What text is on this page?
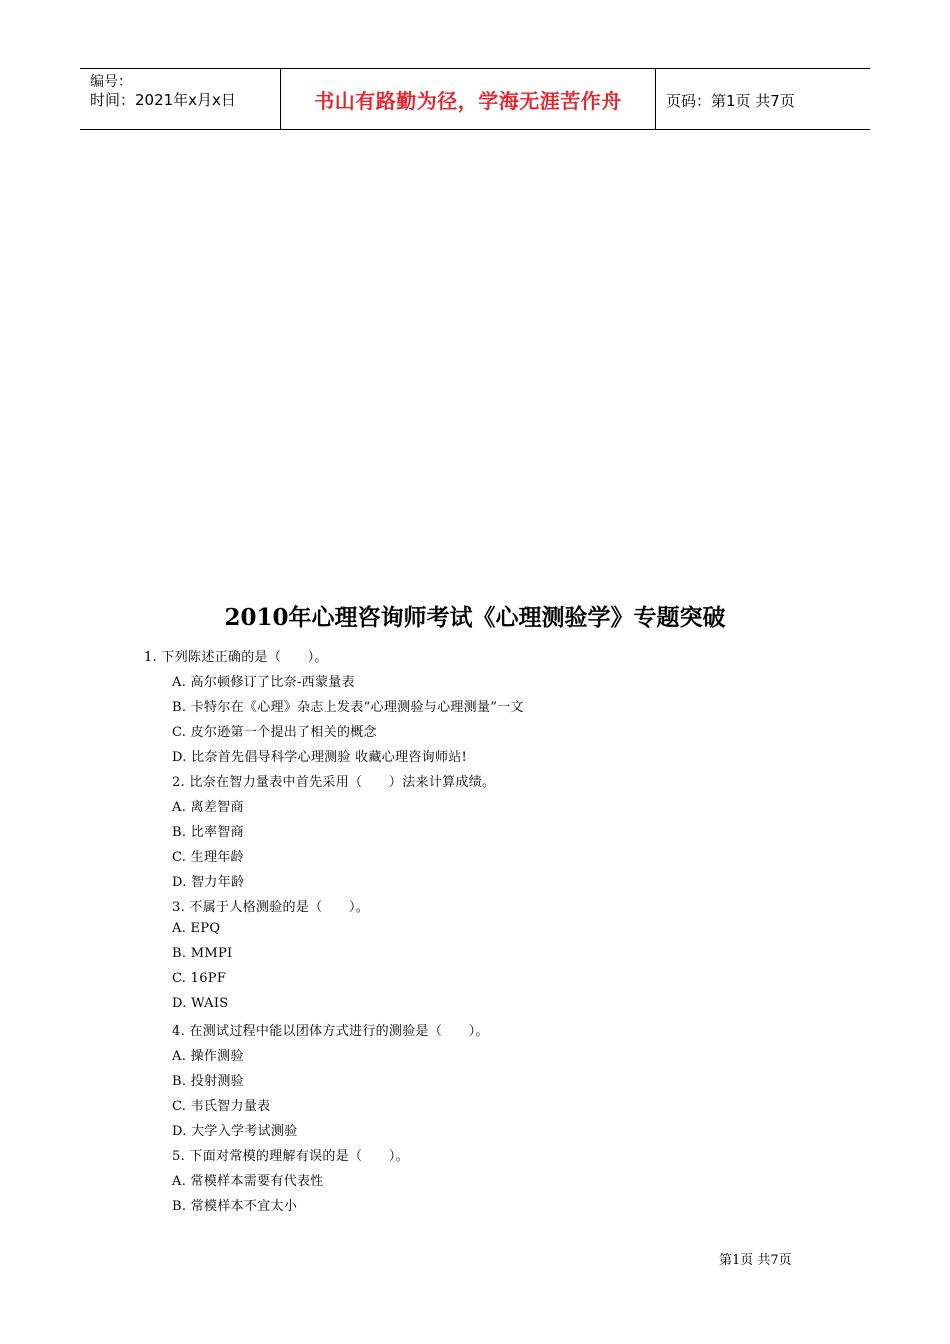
编号：
时间：2021年x月x日	书山有路勤为径，学海无涯苦作舟	页码：第1页 共7页
2010年心理咨询师考试《心理测验学》专题突破
1. 下列陈述正确的是（　　）。
A. 高尔顿修订了比奈-西蒙量表
B. 卡特尔在《心理》杂志上发表“心理测验与心理测量”一文
C. 皮尔逊第一个提出了相关的概念
D. 比奈首先倡导科学心理测验 收藏心理咨询师站!
2. 比奈在智力量表中首先采用（　　）法来计算成绩。
A. 离差智商
B. 比率智商
C. 生理年龄
D. 智力年龄
3. 不属于人格测验的是（　　）。
A. EPQ
B. MMPI
C. 16PF
D. WAIS
4. 在测试过程中能以团体方式进行的测验是（　　）。
A. 操作测验
B. 投射测验
C. 韦氏智力量表
D. 大学入学考试测验
5. 下面对常模的理解有误的是（　　）。
A. 常模样本需要有代表性
B. 常模样本不宜太小
第1页 共7页
